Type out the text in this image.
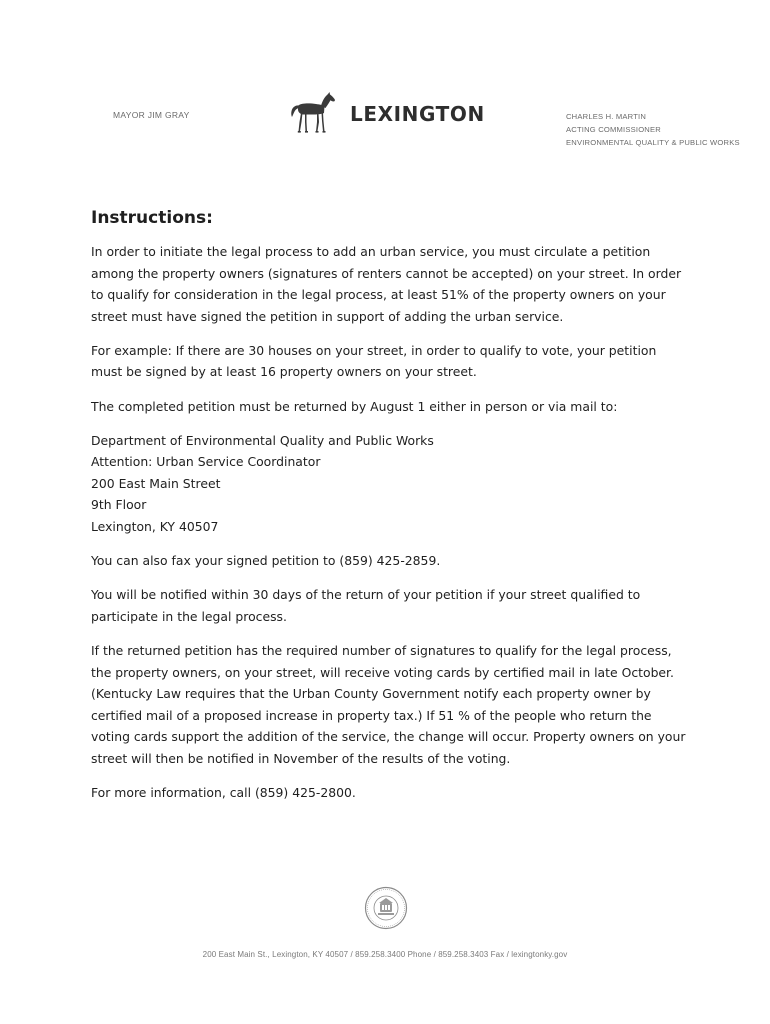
MAYOR JIM GRAY	LEXINGTON	CHARLES H. MARTIN
ACTING COMMISSIONER
ENVIRONMENTAL QUALITY & PUBLIC WORKS
Instructions:

In order to initiate the legal process to add an urban service, you must circulate a petition among the property owners (signatures of renters cannot be accepted) on your street. In order to qualify for consideration in the legal process, at least 51% of the property owners on your street must have signed the petition in support of adding the urban service.

For example: If there are 30 houses on your street, in order to qualify to vote, your petition must be signed by at least 16 property owners on your street.

The completed petition must be returned by August 1 either in person or via mail to:

Department of Environmental Quality and Public Works
Attention: Urban Service Coordinator
200 East Main Street
9th Floor
Lexington, KY 40507

You can also fax your signed petition to (859) 425-2859.

You will be notified within 30 days of the return of your petition if your street qualified to participate in the legal process.

If the returned petition has the required number of signatures to qualify for the legal process, the property owners, on your street, will receive voting cards by certified mail in late October. (Kentucky Law requires that the Urban County Government notify each property owner by certified mail of a proposed increase in property tax.) If 51 % of the people who return the voting cards support the addition of the service, the change will occur. Property owners on your street will then be notified in November of the results of the voting.

For more information, call (859) 425-2800.

200 East Main St., Lexington, KY 40507 / 859.258.3400 Phone / 859.258.3403 Fax / lexingtonky.gov
